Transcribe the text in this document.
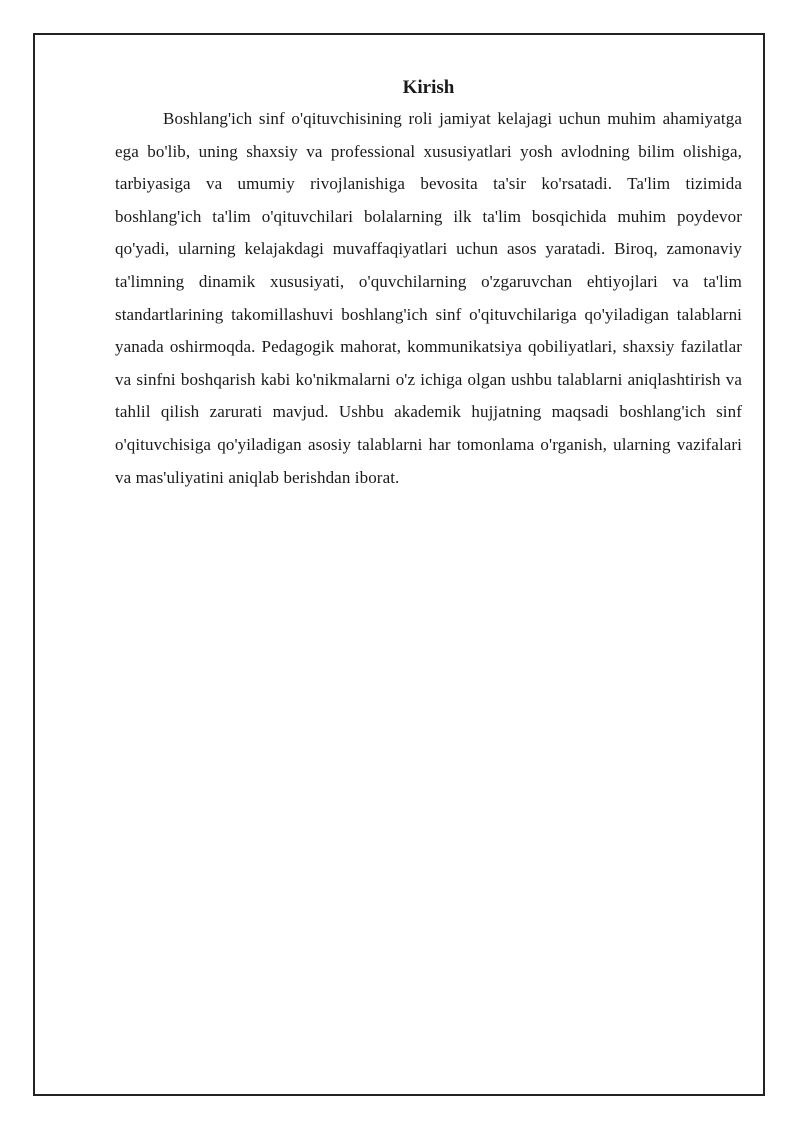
Kirish

Boshlang'ich sinf o'qituvchisining roli jamiyat kelajagi uchun muhim ahamiyatga ega bo'lib, uning shaxsiy va professional xususiyatlari yosh avlodning bilim olishiga, tarbiyasiga va umumiy rivojlanishiga bevosita ta'sir ko'rsatadi. Ta'lim tizimida boshlang'ich ta'lim o'qituvchilari bolalarning ilk ta'lim bosqichida muhim poydevor qo'yadi, ularning kelajakdagi muvaffaqiyatlari uchun asos yaratadi. Biroq, zamonaviy ta'limning dinamik xususiyati, o'quvchilarning o'zgaruvchan ehtiyojlari va ta'lim standartlarining takomillashuvi boshlang'ich sinf o'qituvchilariga qo'yiladigan talablarni yanada oshirmoqda. Pedagogik mahorat, kommunikatsiya qobiliyatlari, shaxsiy fazilatlar va sinfni boshqarish kabi ko'nikmalarni o'z ichiga olgan ushbu talablarni aniqlashtirish va tahlil qilish zarurati mavjud. Ushbu akademik hujjatning maqsadi boshlang'ich sinf o'qituvchisiga qo'yiladigan asosiy talablarni har tomonlama o'rganish, ularning vazifalari va mas'uliyatini aniqlab berishdan iborat.
